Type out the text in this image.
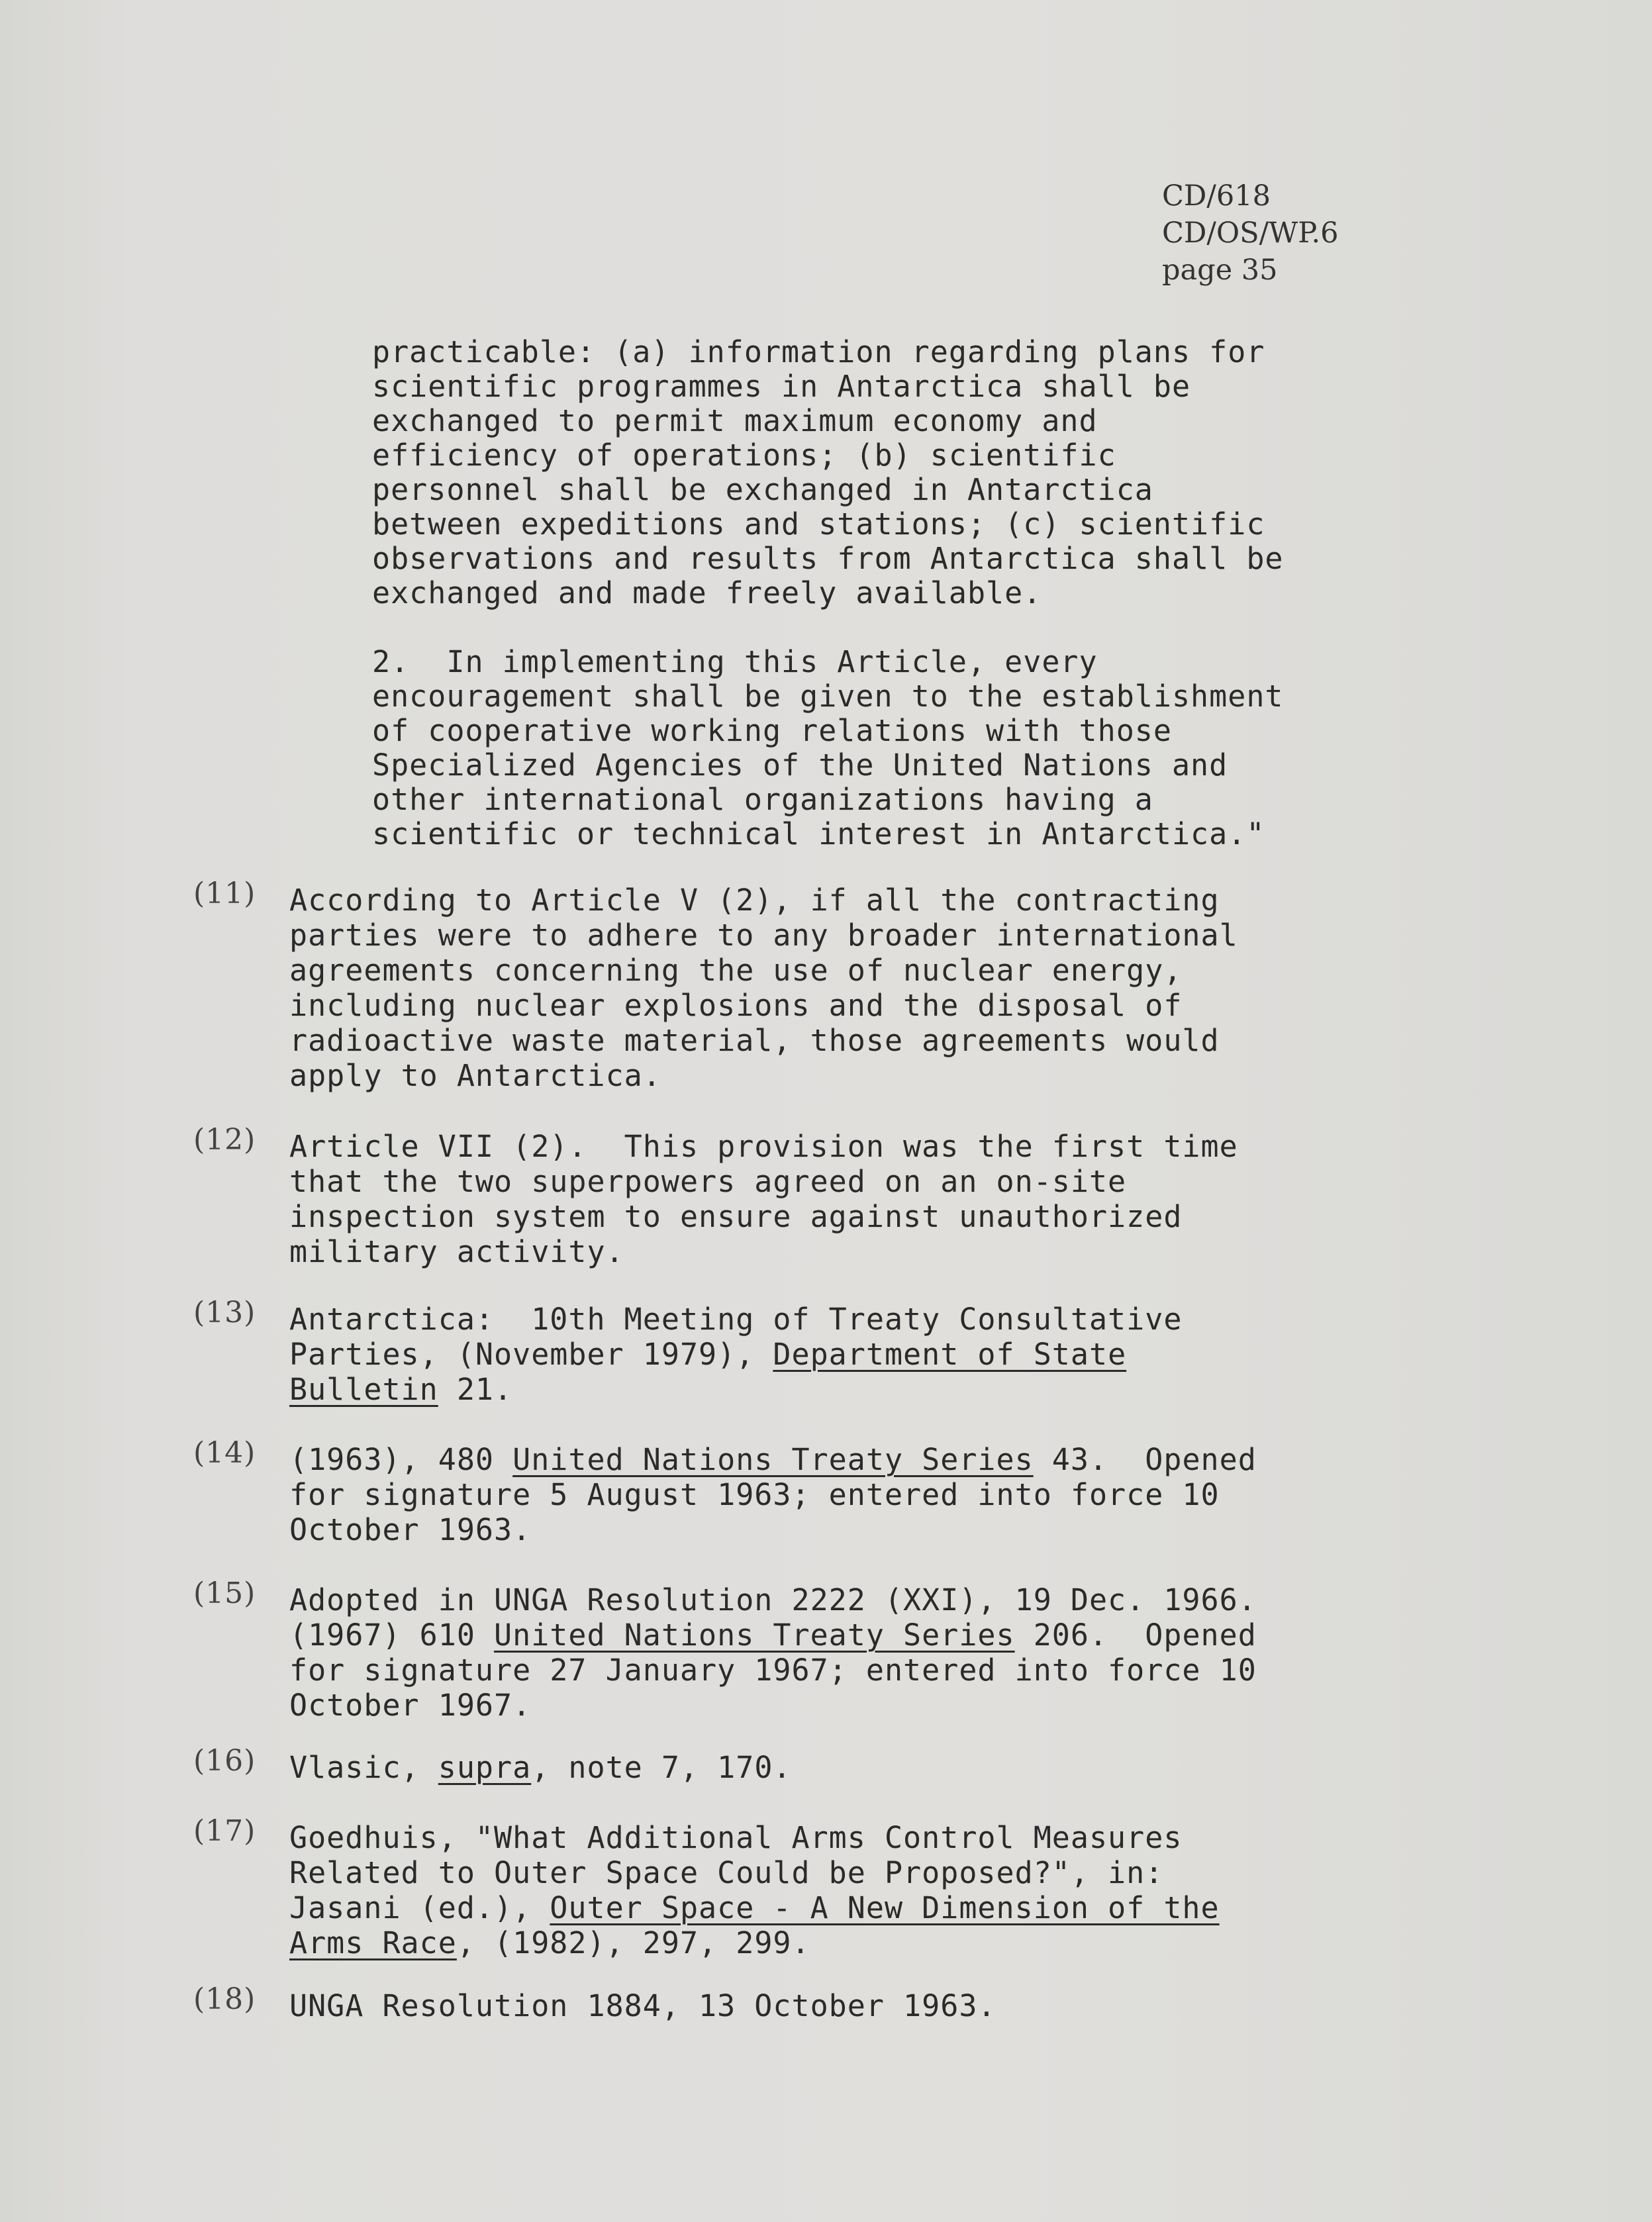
CD/618
CD/OS/WP.6
page 35
practicable: (a) information regarding plans for
scientific programmes in Antarctica shall be
exchanged to permit maximum economy and
efficiency of operations; (b) scientific
personnel shall be exchanged in Antarctica
between expeditions and stations; (c) scientific
observations and results from Antarctica shall be
exchanged and made freely available.
2.  In implementing this Article, every
encouragement shall be given to the establishment
of cooperative working relations with those
Specialized Agencies of the United Nations and
other international organizations having a
scientific or technical interest in Antarctica."
(11) According to Article V (2), if all the contracting
parties were to adhere to any broader international
agreements concerning the use of nuclear energy,
including nuclear explosions and the disposal of
radioactive waste material, those agreements would
apply to Antarctica.
(12) Article VII (2).  This provision was the first time
that the two superpowers agreed on an on-site
inspection system to ensure against unauthorized
military activity.
(13) Antarctica:  10th Meeting of Treaty Consultative
Parties, (November 1979), Department of State
Bulletin 21.
(14) (1963), 480 United Nations Treaty Series 43.  Opened
for signature 5 August 1963; entered into force 10
October 1963.
(15) Adopted in UNGA Resolution 2222 (XXI), 19 Dec. 1966.
(1967) 610 United Nations Treaty Series 206.  Opened
for signature 27 January 1967; entered into force 10
October 1967.
(16) Vlasic, supra, note 7, 170.
(17) Goedhuis, "What Additional Arms Control Measures
Related to Outer Space Could be Proposed?", in:
Jasani (ed.), Outer Space - A New Dimension of the
Arms Race, (1982), 297, 299.
(18) UNGA Resolution 1884, 13 October 1963.
